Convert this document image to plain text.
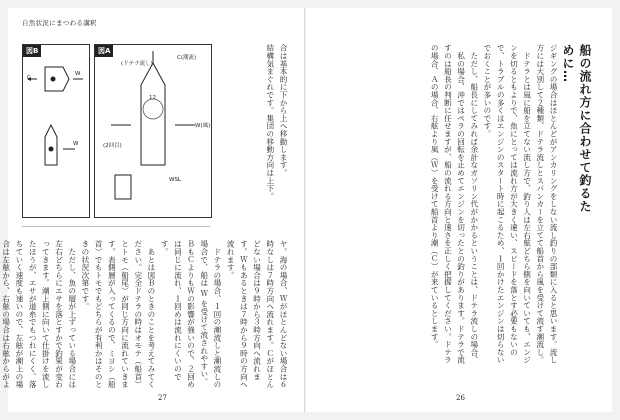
自然状況にまつわる講釈
図B
C
W
W
図A
(ドテラ流し)
C(潮流)
12
W(風)
(2回目)
WSL
合は基本的に下から上へ移動します。
結構気まぐれです。集団の移動方向は上下。
ヤ。海の場合、Ｗがほとんどない場合は６時なしは７時方向へ流れます。Ｃがほとんどない場合は９時から３時方向へ流れます。Ｗもあるときは７時から９時の方向へ流れます。
　ドテラの場合、１回の潮流しと潮流しの場合で、船は Ｗ を受けて流されやすい。ＢもＣよりもＷの影響が強いので、２回めは同じに流れ、１回めは流れにくいのです。
　あとは図Ｂのときのことを考えてみてください。完全ドテラの時はオモテ（船首）とトモ（船尾）が同じ方向に流れていきます。表側層が入ってくるので、ミヨシ（船首）でもトモでもどちらが有利かはそのときの状況次第です。
　ただし、魚の層が上ずっている場合には左右どちらにエサを落とすかで釣果が変わってきます。潮上側に向いて仕掛けを流したほうが、エサが道糸でもつれにくく、落ちていく速度も速いので、左舷が潮上の場合は左舷から、右舷の場合は右舷からがよ
27
船の流れ方に合わせて釣るために…
ジギングの場合はほとんどがアンカリングをしない流し釣りの部類に入ると思います。流し方には大別して２種類、ドテラ流しとスパンカーを立てて船首から風を受けて流す潮流し。
　ドテラとは風に船を立てない流し方で、釣り人は左右舷どちら側を向いていても、エンジンを切るともよりで、魚にとっては流れ方が大きく違い、スピードを落とす必要もないので、トラブルの多くはエンジンのスタート時に起こるため、１回かけたエンジンは切らないでおくことが多いのです。
　ただし、船長にしてみれば余計なガソリン代がかかるということは、ドテラ流しの場合、
　私の場合、沖ではペラの回転を止めてエンジンを切ったとの釣りがあります。ドテラで流すのは船長の判断に任せますが、船の流れる方向と速さを正しく把握してください。ドテラの場合、Ａの場合、右舷より風（Ｗ）を受けて船首より潮（Ｃ）が来ているとします。
26
